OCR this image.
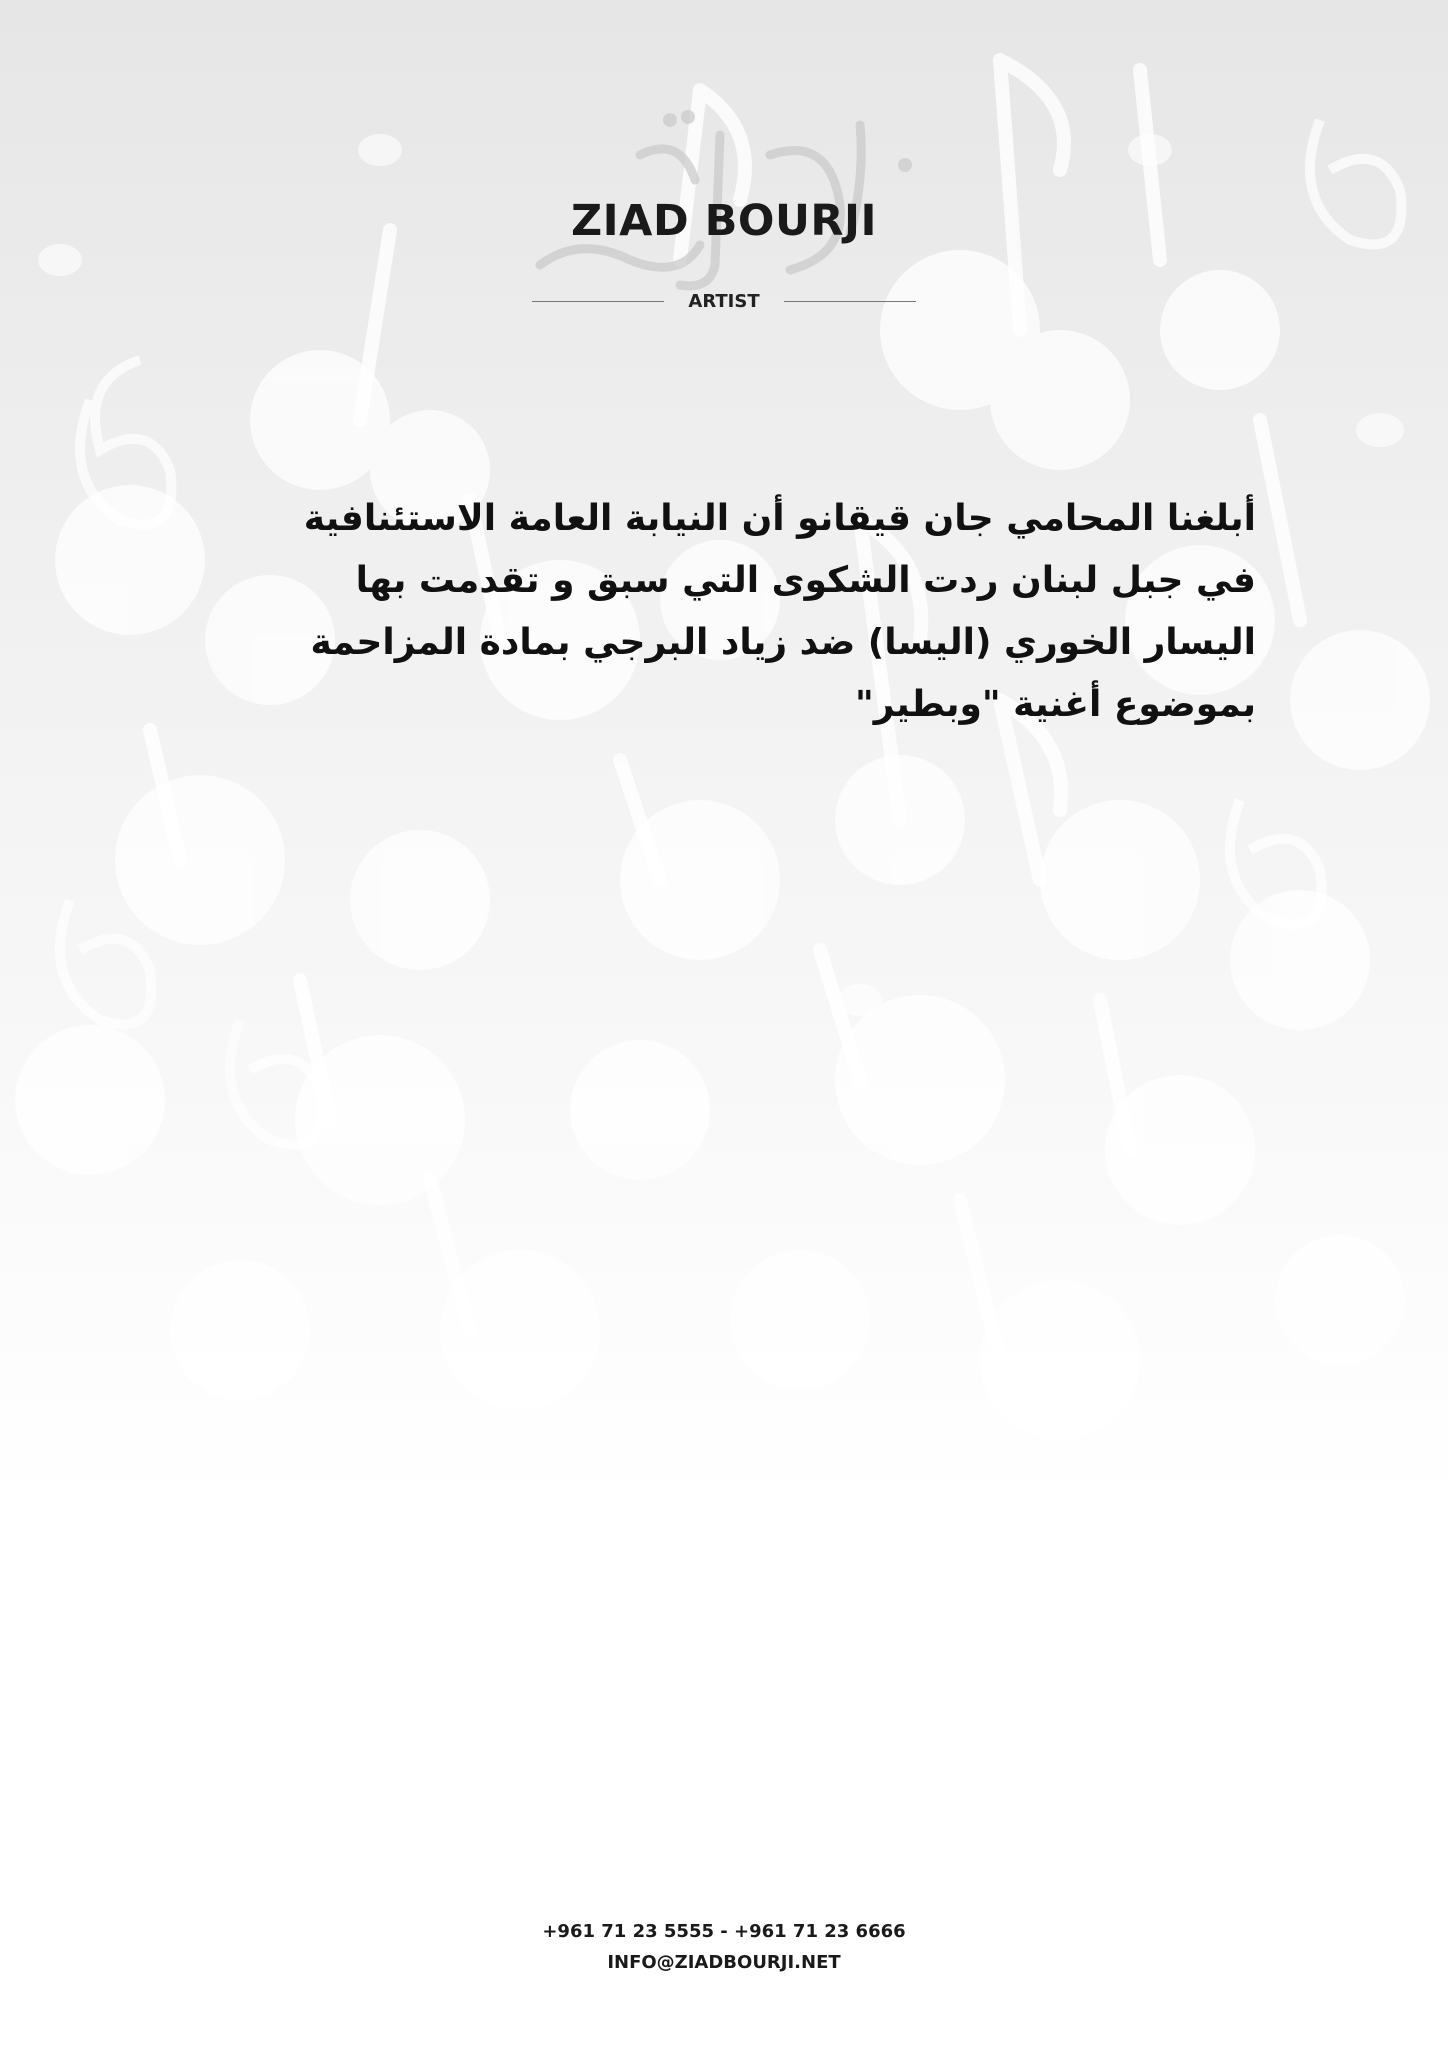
ZIAD BOURJI
ARTIST
أبلغنا المحامي جان قيقانو أن النيابة العامة الاستئنافية في جبل لبنان ردت الشكوى التي سبق و تقدمت بها اليسار الخوري (اليسا) ضد زياد البرجي بمادة المزاحمة بموضوع أغنية "وبطير"
+961 71 23 5555 - +961 71 23 6666
INFO@ZIADBOURJI.NET
